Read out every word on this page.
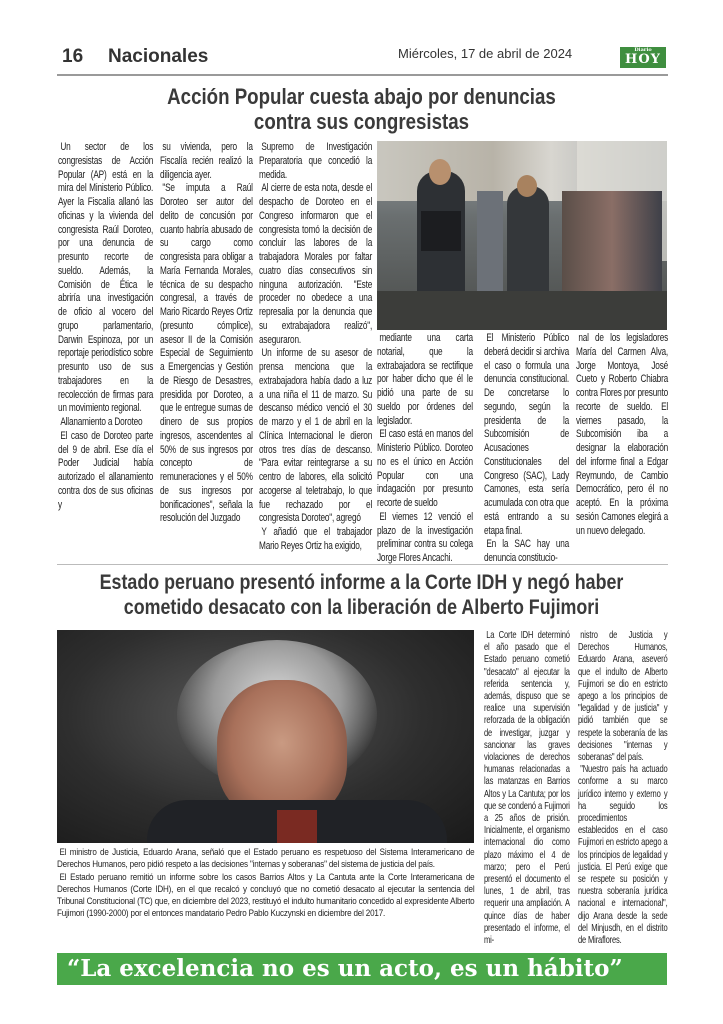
16 Nacionales	Miércoles, 17 de abril de 2024	Diario
HOY
Acción Popular cuesta abajo por denuncias
contra sus congresistas

Un sector de los congresistas de Acción Popular (AP) está en la mira del Ministerio Público. Ayer la Fiscalía allanó las oficinas y la vivienda del congresista Raúl Doroteo, por una denuncia de presunto recorte de sueldo. Además, la Comisión de Ética le abriría una investigación de oficio al vocero del grupo parlamentario, Darwin Espinoza, por un reportaje periodístico sobre presunto uso de sus trabajadores en la recolección de firmas para un movimiento regional.

Allanamiento a Doroteo

El caso de Doroteo parte del 9 de abril. Ese día el Poder Judicial había autorizado el allanamiento contra dos de sus oficinas y

su vivienda, pero la Fiscalía recién realizó la diligencia ayer.

"Se imputa a Raúl Doroteo ser autor del delito de concusión por cuanto habría abusado de su cargo como congresista para obligar a María Fernanda Morales, técnica de su despacho congresal, a través de Mario Ricardo Reyes Ortiz (presunto cómplice), asesor II de la Comisión Especial de Seguimiento a Emergencias y Gestión de Riesgo de Desastres, presidida por Doroteo, a que le entregue sumas de dinero de sus propios ingresos, ascendentes al 50% de sus ingresos por concepto de remuneraciones y el 50% de sus ingresos por bonificaciones", señala la resolución del Juzgado

Supremo de Investigación Preparatoria que concedió la medida.

Al cierre de esta nota, desde el despacho de Doroteo en el Congreso informaron que el congresista tomó la decisión de concluir las labores de la trabajadora Morales por faltar cuatro días consecutivos sin ninguna autorización. "Este proceder no obedece a una represalia por la denuncia que su extrabajadora realizó", aseguraron.

Un informe de su asesor de prensa menciona que la extrabajadora había dado a luz a una niña el 11 de marzo. Su descanso médico venció el 30 de marzo y el 1 de abril en la Clínica Internacional le dieron otros tres días de descanso. "Para evitar reintegrarse a su centro de labores, ella solicitó acogerse al teletrabajo, lo que fue rechazado por el congresista Doroteo", agregó

Y añadió que el trabajador Mario Reyes Ortiz ha exigido,

mediante una carta notarial, que la extrabajadora se rectifique por haber dicho que él le pidió una parte de su sueldo por órdenes del legislador.

El caso está en manos del Ministerio Público. Doroteo no es el único en Acción Popular con una indagación por presunto recorte de sueldo

El viernes 12 venció el plazo de la investigación preliminar contra su colega Jorge Flores Ancachi.

El Ministerio Público deberá decidir si archiva el caso o formula una denuncia constitucional. De concretarse lo segundo, según la presidenta de la Subcomisión de Acusaciones Constitucionales del Congreso (SAC), Lady Camones, esta sería acumulada con otra que está entrando a su etapa final.

En la SAC hay una denuncia constitucio-

nal de los legisladores María del Carmen Alva, Jorge Montoya, José Cueto y Roberto Chiabra contra Flores por presunto recorte de sueldo. El viernes pasado, la Subcomisión iba a designar la elaboración del informe final a Edgar Reymundo, de Cambio Democrático, pero él no aceptó. En la próxima sesión Camones elegirá a un nuevo delegado.

Estado peruano presentó informe a la Corte IDH y negó haber
cometido desacato con la liberación de Alberto Fujimori

El ministro de Justicia, Eduardo Arana, señaló que el Estado peruano es respetuoso del Sistema Interamericano de Derechos Humanos, pero pidió respeto a las decisiones "internas y soberanas" del sistema de justicia del país.

El Estado peruano remitió un informe sobre los casos Barrios Altos y La Cantuta ante la Corte Interamericana de Derechos Humanos (Corte IDH), en el que recalcó y concluyó que no cometió desacato al ejecutar la sentencia del Tribunal Constitucional (TC) que, en diciembre del 2023, restituyó el indulto humanitario concedido al expresidente Alberto Fujimori (1990-2000) por el entonces mandatario Pedro Pablo Kuczynski en diciembre del 2017.

La Corte IDH determinó el año pasado que el Estado peruano cometió "desacato" al ejecutar la referida sentencia y, además, dispuso que se realice una supervisión reforzada de la obligación de investigar, juzgar y sancionar las graves violaciones de derechos humanas relacionadas a las matanzas en Barrios Altos y La Cantuta; por los que se condenó a Fujimori a 25 años de prisión. Inicialmente, el organismo internacional dio como plazo máximo el 4 de marzo; pero el Perú presentó el documento el lunes, 1 de abril, tras requerir una ampliación. A quince días de haber presentado el informe, el mi-

nistro de Justicia y Derechos Humanos, Eduardo Arana, aseveró que el indulto de Alberto Fujimori se dio en estricto apego a los principios de "legalidad y de justicia" y pidió también que se respete la soberanía de las decisiones "internas y soberanas" del país.

"Nuestro país ha actuado conforme a su marco jurídico interno y externo y ha seguido los procedimientos establecidos en el caso Fujimori en estricto apego a los principios de legalidad y justicia. El Perú exige que se respete su posición y nuestra soberanía jurídica nacional e internacional", dijo Arana desde la sede del Minjusdh, en el distrito de Miraflores.

“La excelencia no es un acto, es un hábito”
